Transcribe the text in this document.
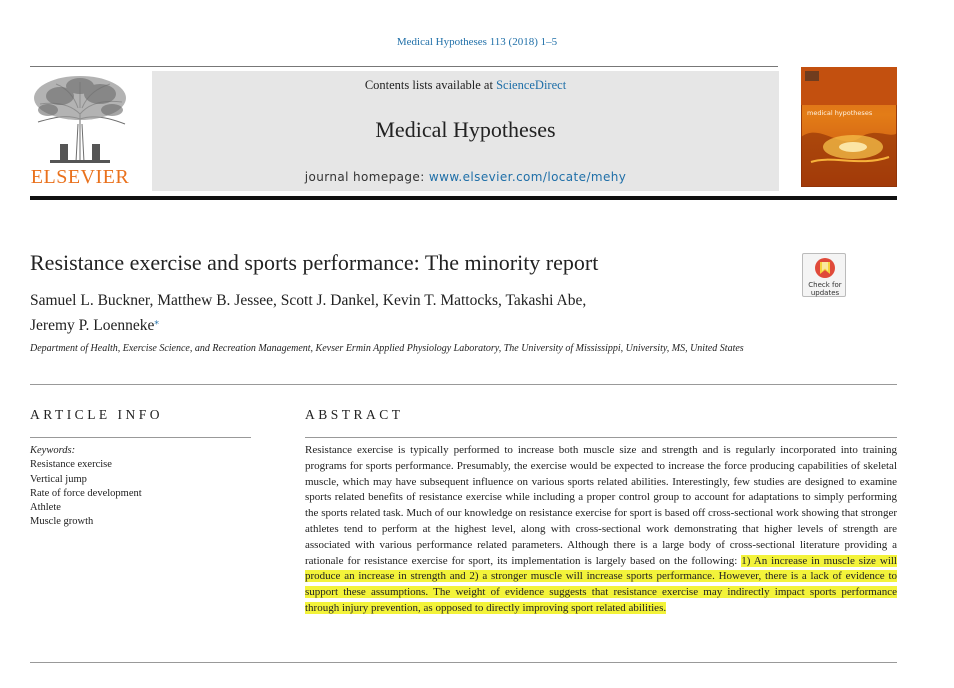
Medical Hypotheses 113 (2018) 1–5
ELSEVIER
Contents lists available at ScienceDirect
Medical Hypotheses
journal homepage: www.elsevier.com/locate/mehy
medical hypotheses
Resistance exercise and sports performance: The minority report
Check for
updates
Samuel L. Buckner, Matthew B. Jessee, Scott J. Dankel, Kevin T. Mattocks, Takashi Abe,
Jeremy P. Loenneke⁎
Department of Health, Exercise Science, and Recreation Management, Kevser Ermin Applied Physiology Laboratory, The University of Mississippi, University, MS, United States
ARTICLE INFO
Keywords:
Resistance exercise
Vertical jump
Rate of force development
Athlete
Muscle growth
ABSTRACT
Resistance exercise is typically performed to increase both muscle size and strength and is regularly incorporated into training programs for sports performance. Presumably, the exercise would be expected to increase the force producing capabilities of skeletal muscle, which may have subsequent influence on various sports related abilities. Interestingly, few studies are designed to examine sports related benefits of resistance exercise while including a proper control group to account for adaptations to simply performing the sports related task. Much of our knowledge on resistance exercise for sport is based off cross-sectional work showing that stronger athletes tend to perform at the highest level, along with cross-sectional work demonstrating that higher levels of strength are associated with various performance related parameters. Although there is a large body of cross-sectional literature providing a rationale for resistance exercise for sport, its implementation is largely based on the following: 1) An increase in muscle size will produce an increase in strength and 2) a stronger muscle will increase sports performance. However, there is a lack of evidence to support these assumptions. The weight of evidence suggests that resistance exercise may indirectly impact sports performance through injury prevention, as opposed to directly improving sport related abilities.
